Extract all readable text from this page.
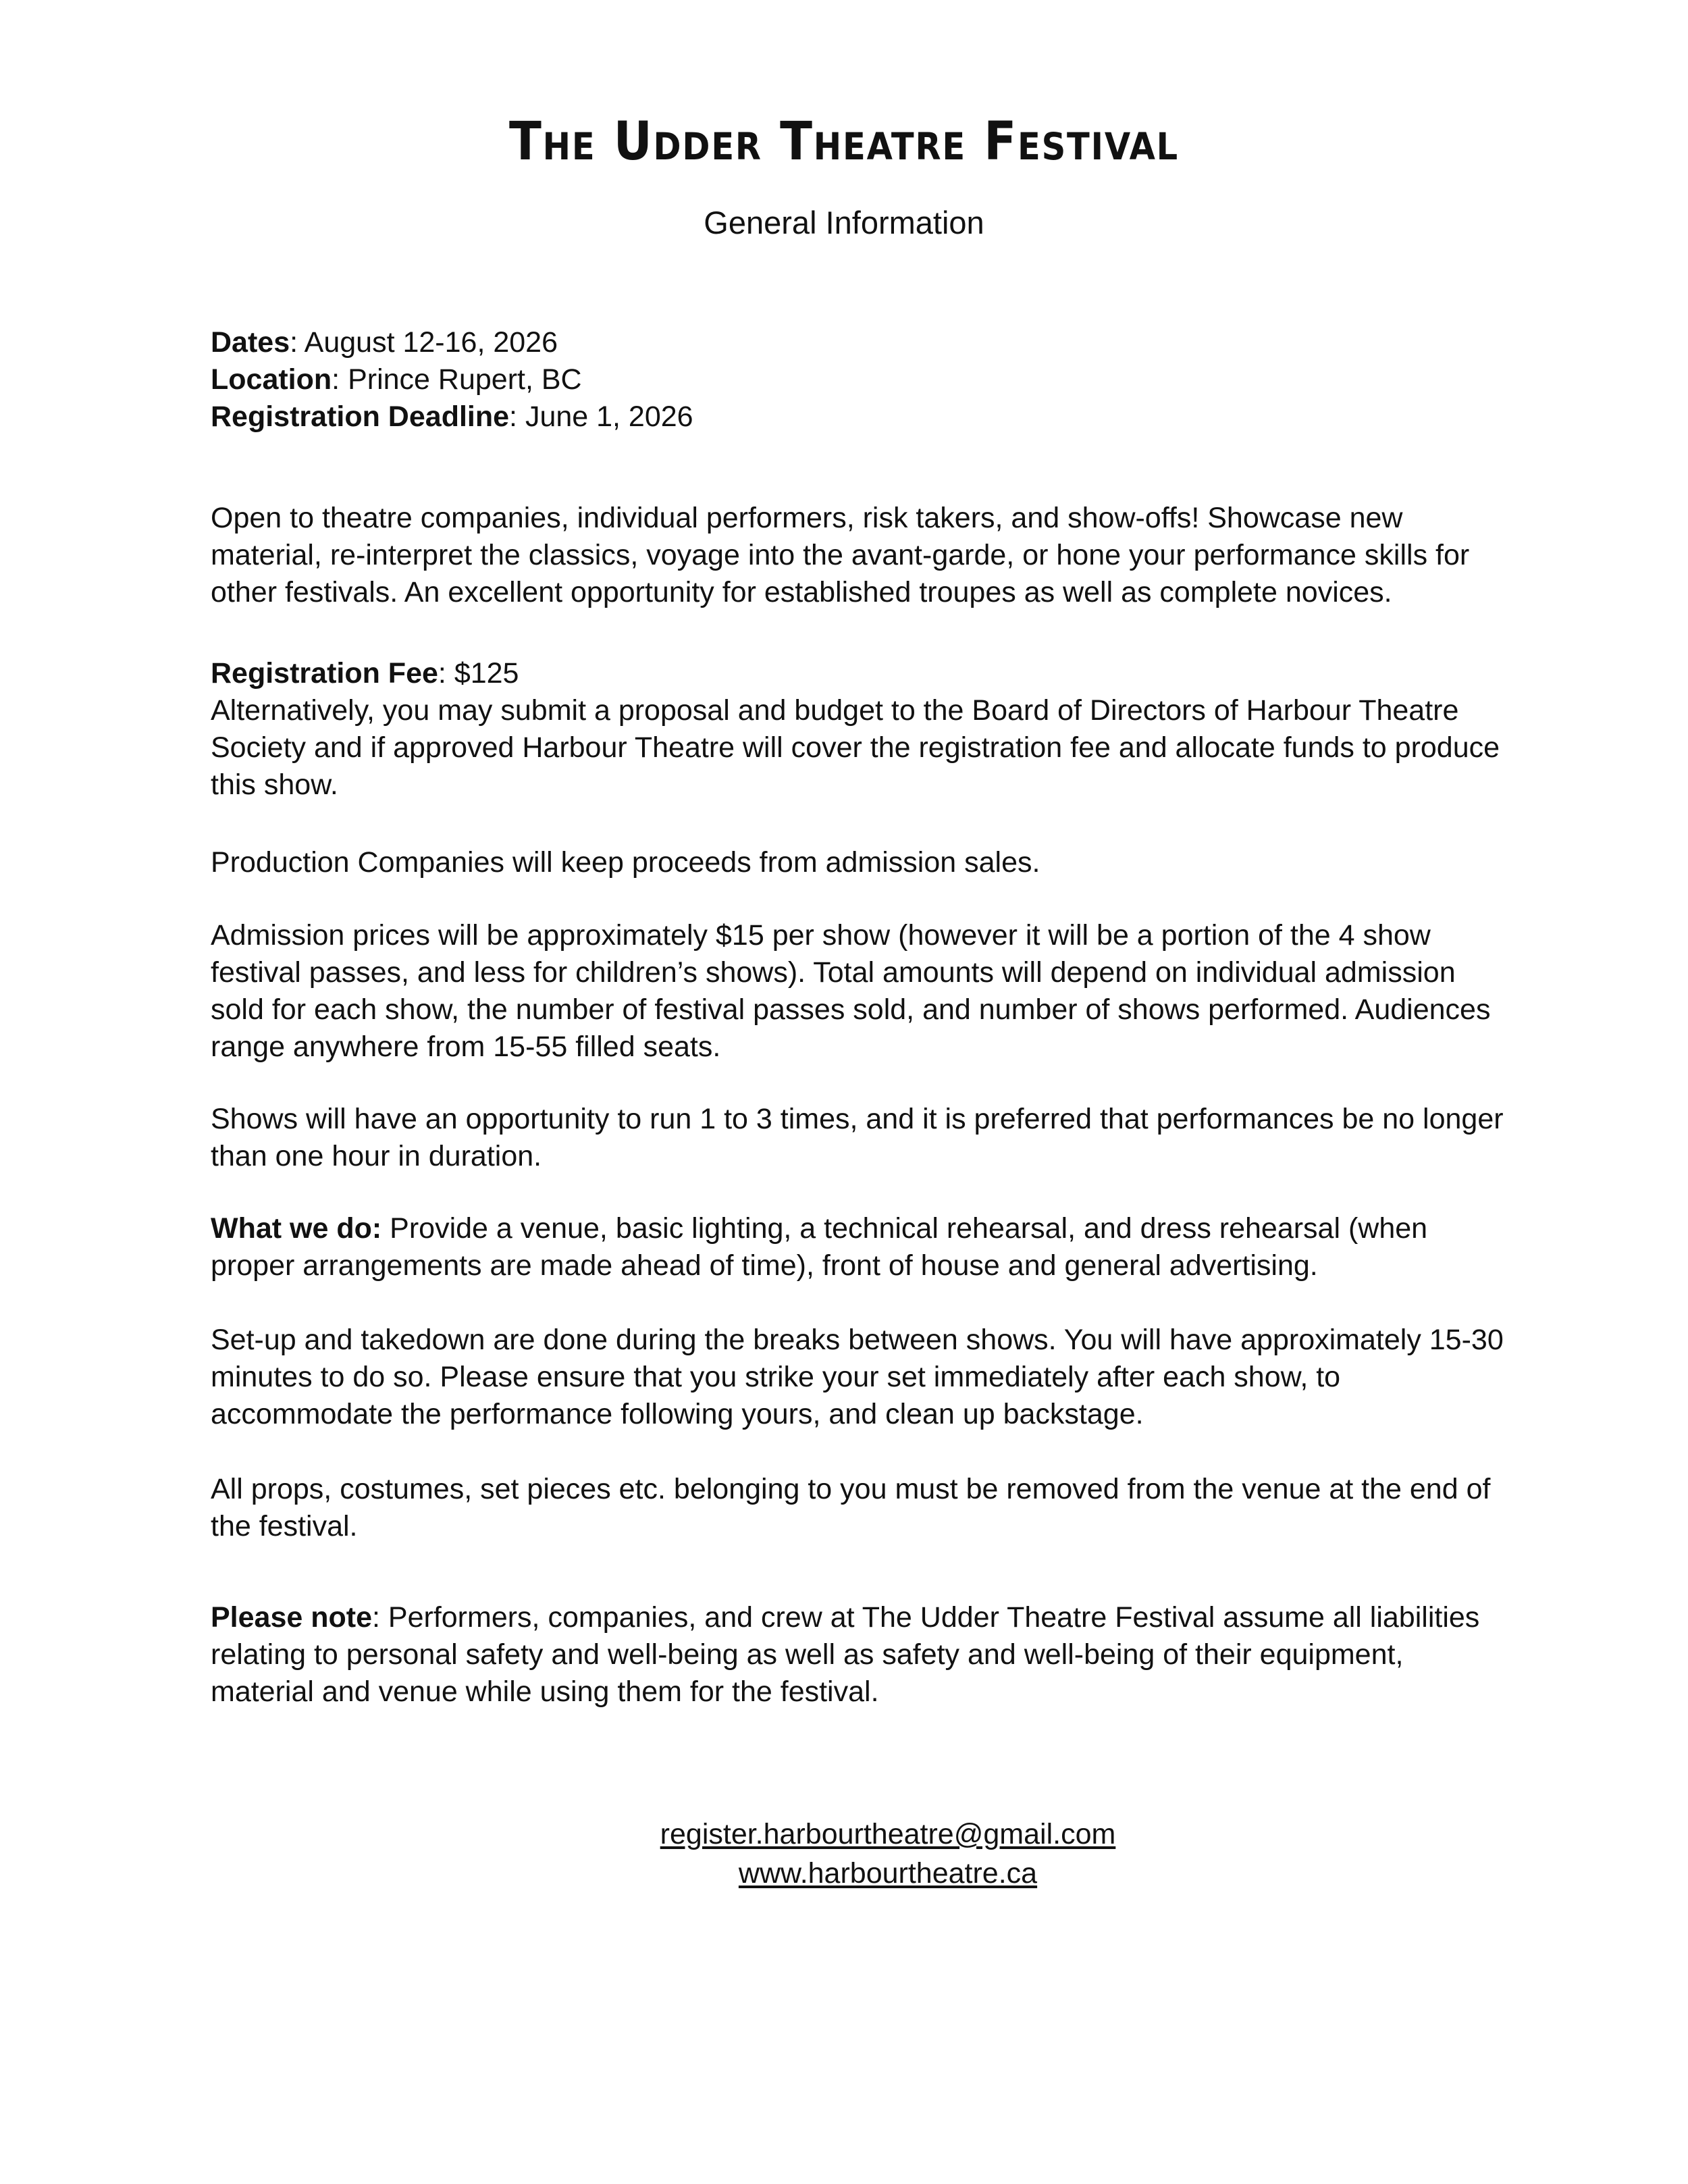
The Udder Theatre Festival
General Information

Dates: August 12-16, 2026

Location: Prince Rupert, BC

Registration Deadline: June 1, 2026

Open to theatre companies, individual performers, risk takers, and show-offs! Showcase new material, re-interpret the classics, voyage into the avant-garde, or hone your performance skills for other festivals. An excellent opportunity for established troupes as well as complete novices.

Registration Fee: $125

Alternatively, you may submit a proposal and budget to the Board of Directors of Harbour Theatre Society and if approved Harbour Theatre will cover the registration fee and allocate funds to produce this show.

Production Companies will keep proceeds from admission sales.

Admission prices will be approximately $15 per show (however it will be a portion of the 4 show festival passes, and less for children’s shows). Total amounts will depend on individual admission sold for each show, the number of festival passes sold, and number of shows performed. Audiences range anywhere from 15-55 filled seats.

Shows will have an opportunity to run 1 to 3 times, and it is preferred that performances be no longer than one hour in duration.

What we do: Provide a venue, basic lighting, a technical rehearsal, and dress rehearsal (when proper arrangements are made ahead of time), front of house and general advertising.

Set-up and takedown are done during the breaks between shows. You will have approximately 15-30 minutes to do so. Please ensure that you strike your set immediately after each show, to accommodate the performance following yours, and clean up backstage.

All props, costumes, set pieces etc. belonging to you must be removed from the venue at the end of the festival.

Please note: Performers, companies, and crew at The Udder Theatre Festival assume all liabilities relating to personal safety and well-being as well as safety and well-being of their equipment, material and venue while using them for the festival.

register.harbourtheatre@gmail.com
www.harbourtheatre.ca
